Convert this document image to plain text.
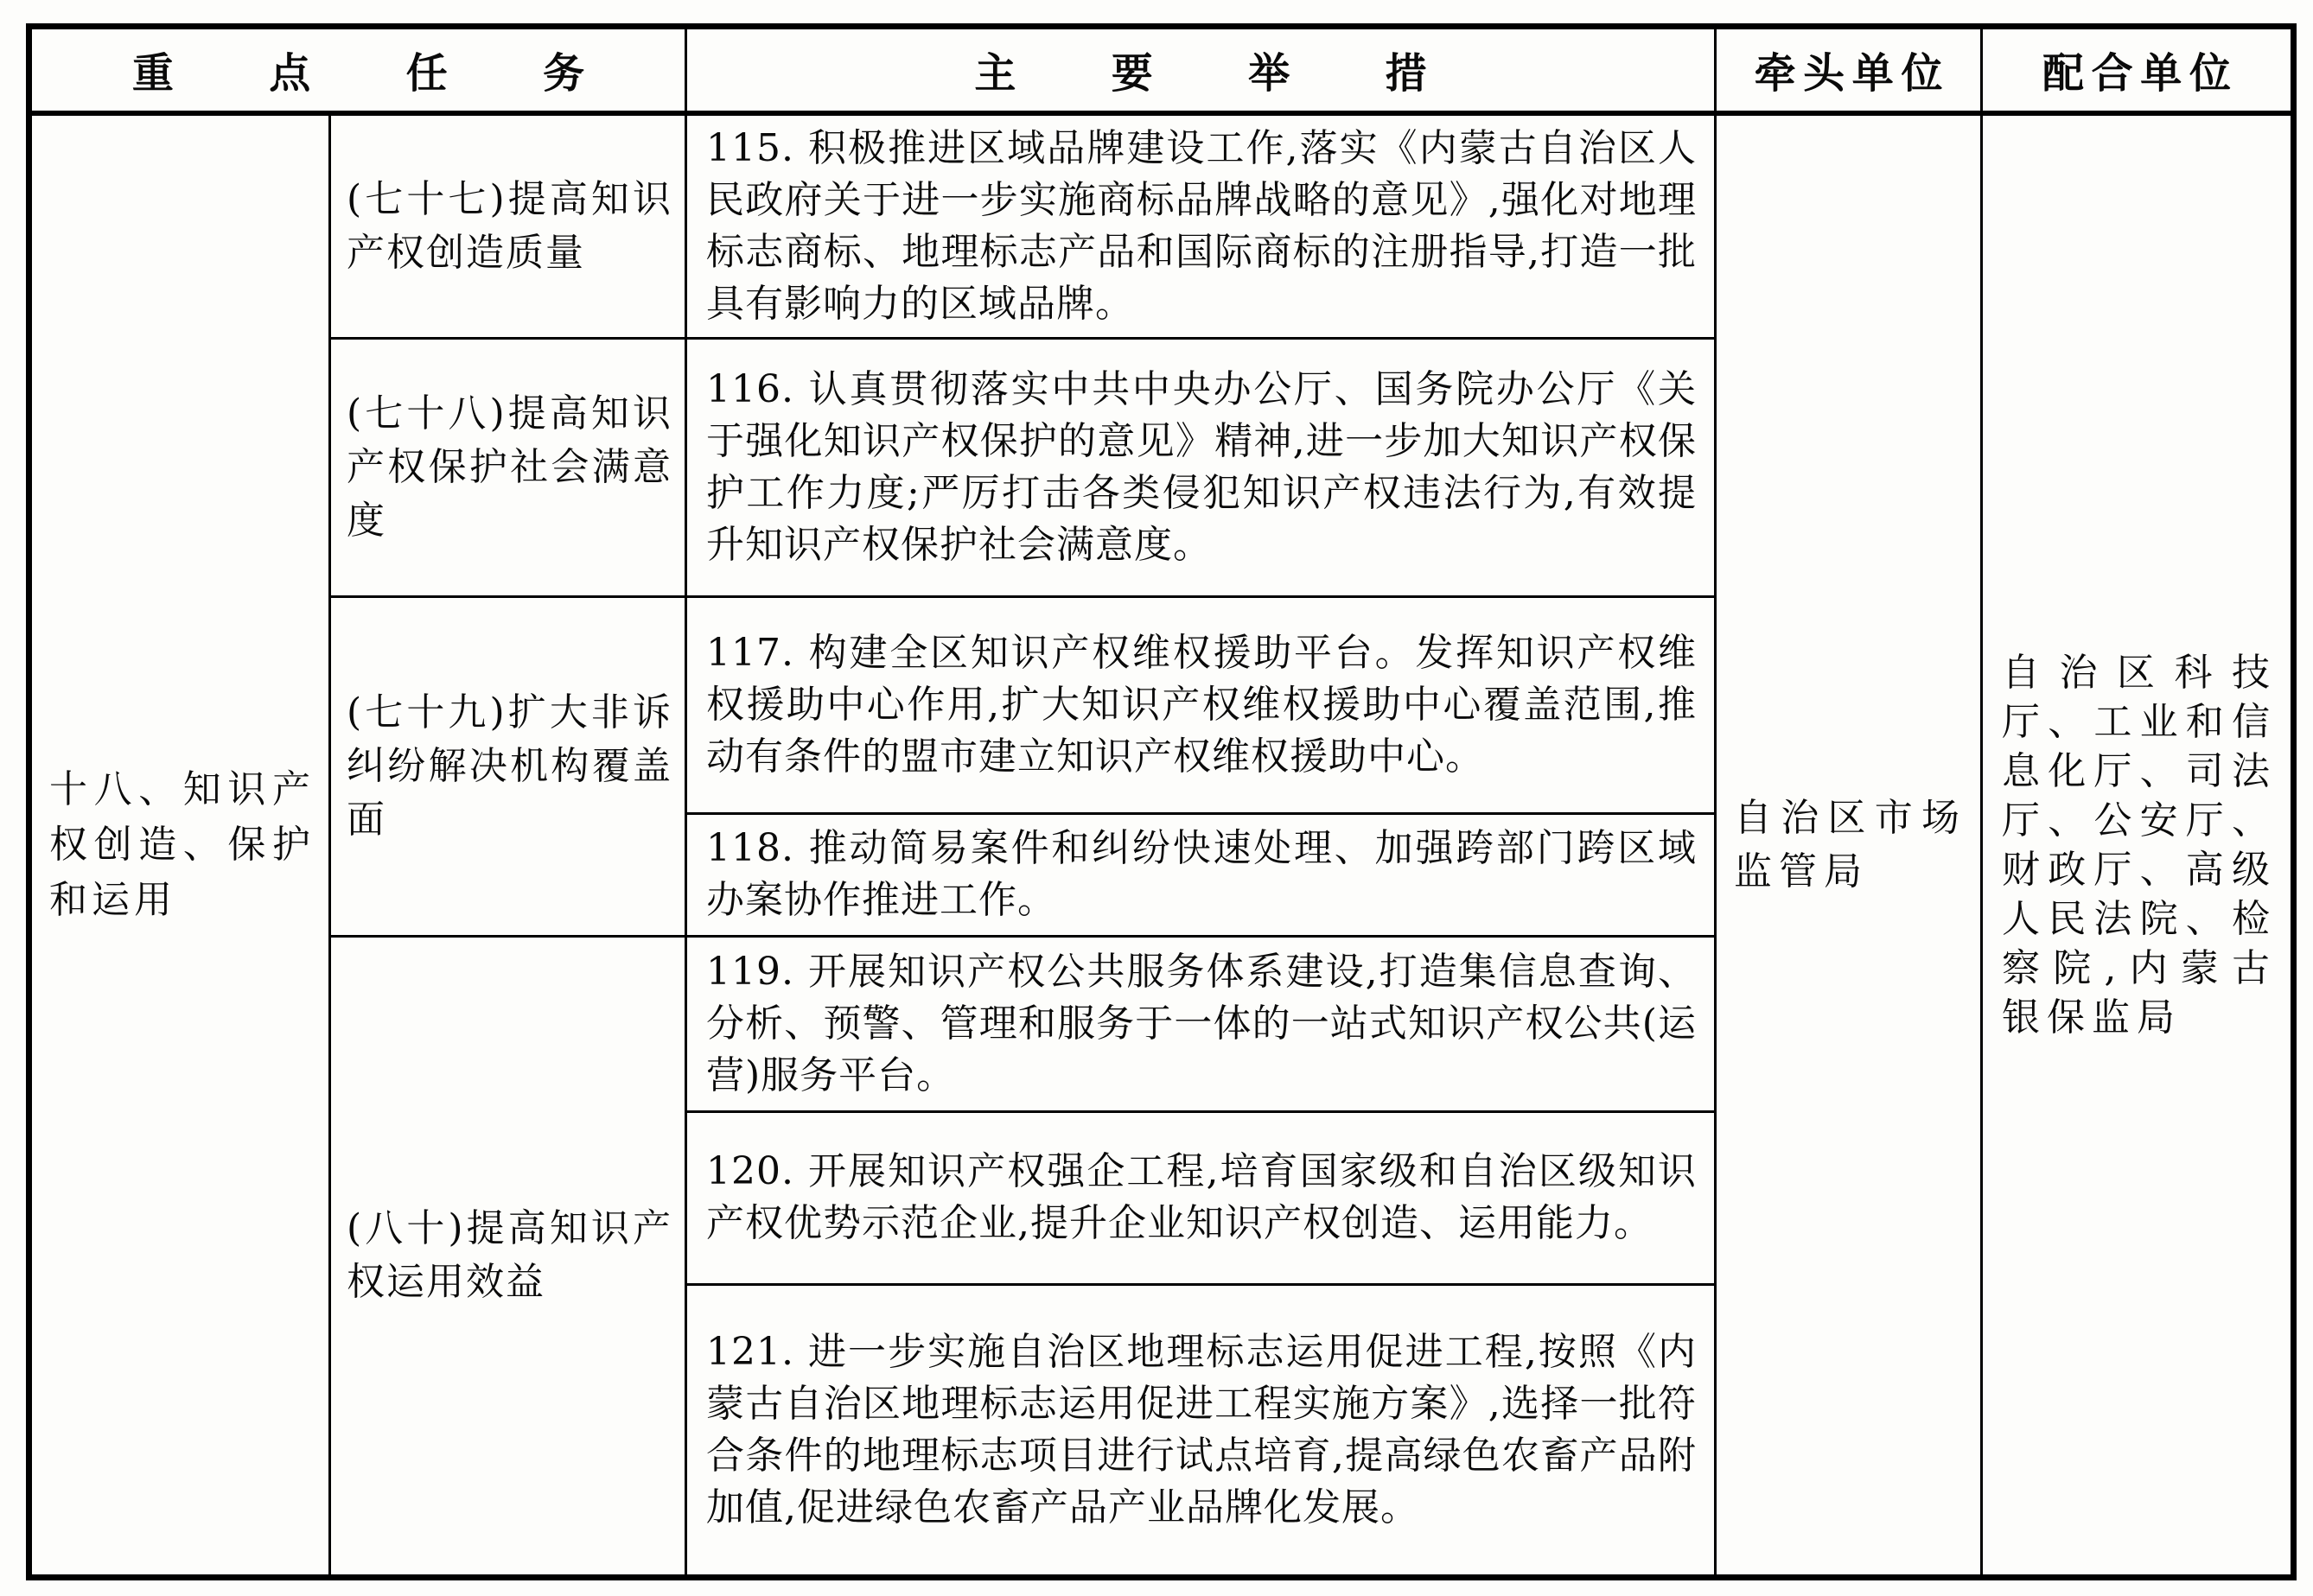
重点任务		主要举措	牵头单位	配合单位
十八、知识产权创造、保护和运用	(七十七)提高知识产权创造质量	115. 积极推进区域品牌建设工作,落实《内蒙古自治区人民政府关于进一步实施商标品牌战略的意见》,强化对地理标志商标、地理标志产品和国际商标的注册指导,打造一批具有影响力的区域品牌。	自治区市场监管局	自治区科技厅、工业和信息化厅、司法厅、公安厅、财政厅、高级人民法院、检察院,内蒙古银保监局
	(七十八)提高知识产权保护社会满意度	116. 认真贯彻落实中共中央办公厅、国务院办公厅《关于强化知识产权保护的意见》精神,进一步加大知识产权保护工作力度;严厉打击各类侵犯知识产权违法行为,有效提升知识产权保护社会满意度。		
	(七十九)扩大非诉纠纷解决机构覆盖面	117. 构建全区知识产权维权援助平台。发挥知识产权维权援助中心作用,扩大知识产权维权援助中心覆盖范围,推动有条件的盟市建立知识产权维权援助中心。		
		118. 推动简易案件和纠纷快速处理、加强跨部门跨区域办案协作推进工作。		
	(八十)提高知识产权运用效益	119. 开展知识产权公共服务体系建设,打造集信息查询、分析、预警、管理和服务于一体的一站式知识产权公共(运营)服务平台。		
		120. 开展知识产权强企工程,培育国家级和自治区级知识产权优势示范企业,提升企业知识产权创造、运用能力。		
		121. 进一步实施自治区地理标志运用促进工程,按照《内蒙古自治区地理标志运用促进工程实施方案》,选择一批符合条件的地理标志项目进行试点培育,提高绿色农畜产品附加值,促进绿色农畜产品产业品牌化发展。		
